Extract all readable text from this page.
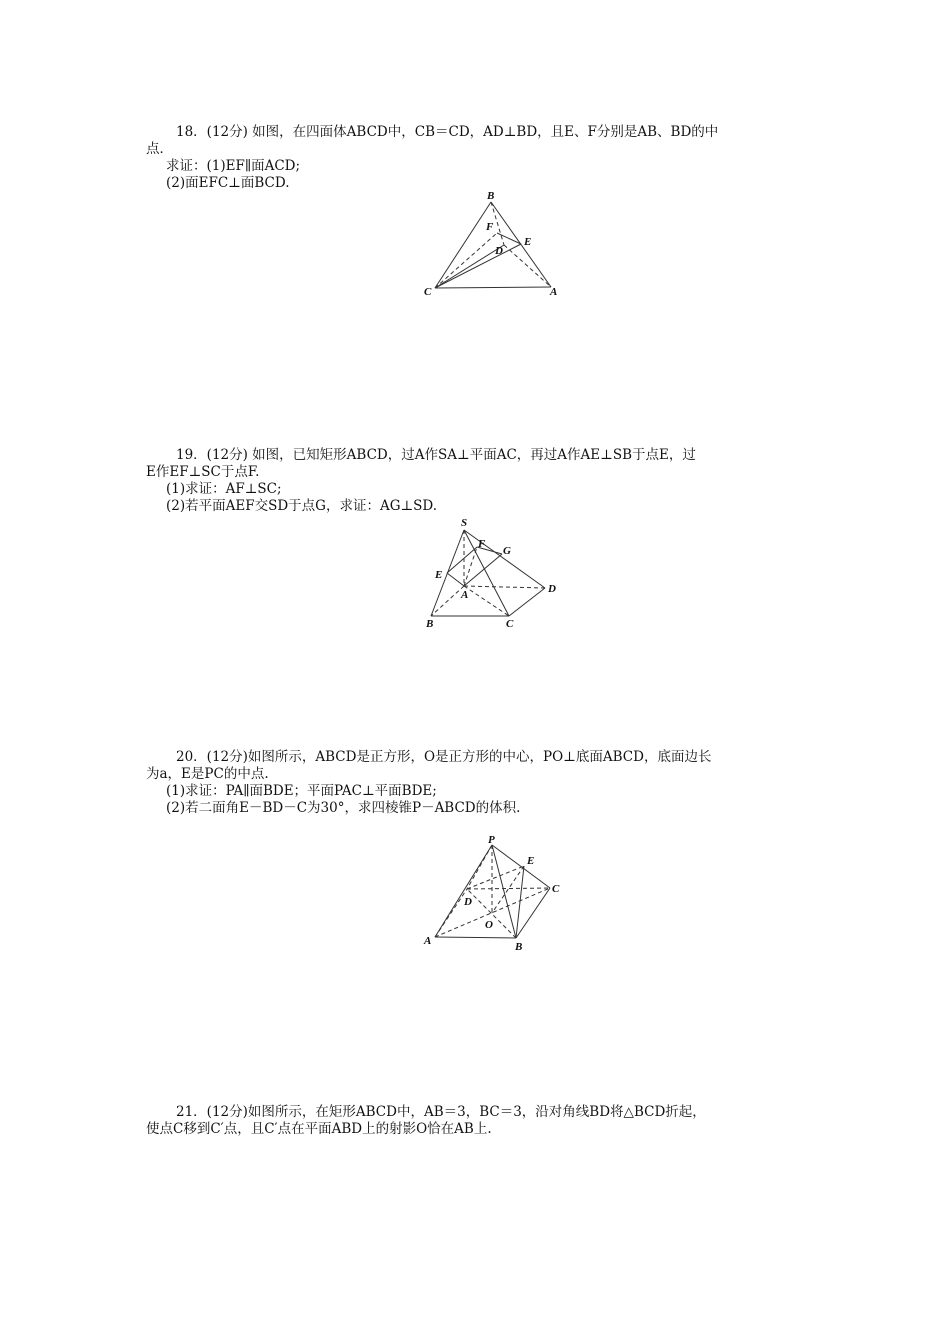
18．(12分) 如图，在四面体ABCD中，CB＝CD，AD⊥BD，且E、F分别是AB、BD的中
点．
求证：(1)EF∥面ACD;
(2)面EFC⊥面BCD.
B
F
E
D
C	A
19．(12分) 如图，已知矩形ABCD，过A作SA⊥平面AC，再过A作AE⊥SB于点E，过
E作EF⊥SC于点F.
(1)求证：AF⊥SC;
(2)若平面AEF交SD于点G，求证：AG⊥SD.
S
F
G
E
A	D
B	C
20．(12分)如图所示，ABCD是正方形，O是正方形的中心，PO⊥底面ABCD，底面边长
为a，E是PC的中点.
(1)求证：PA∥面BDE；平面PAC⊥平面BDE;
(2)若二面角E－BD－C为30°，求四棱锥P－ABCD的体积.
P
E
C
D
O
A	B
21．(12分)如图所示，在矩形ABCD中，AB＝3，BC＝3，沿对角线BD将△BCD折起，
使点C移到C′点，且C′点在平面ABD上的射影O恰在AB上.
